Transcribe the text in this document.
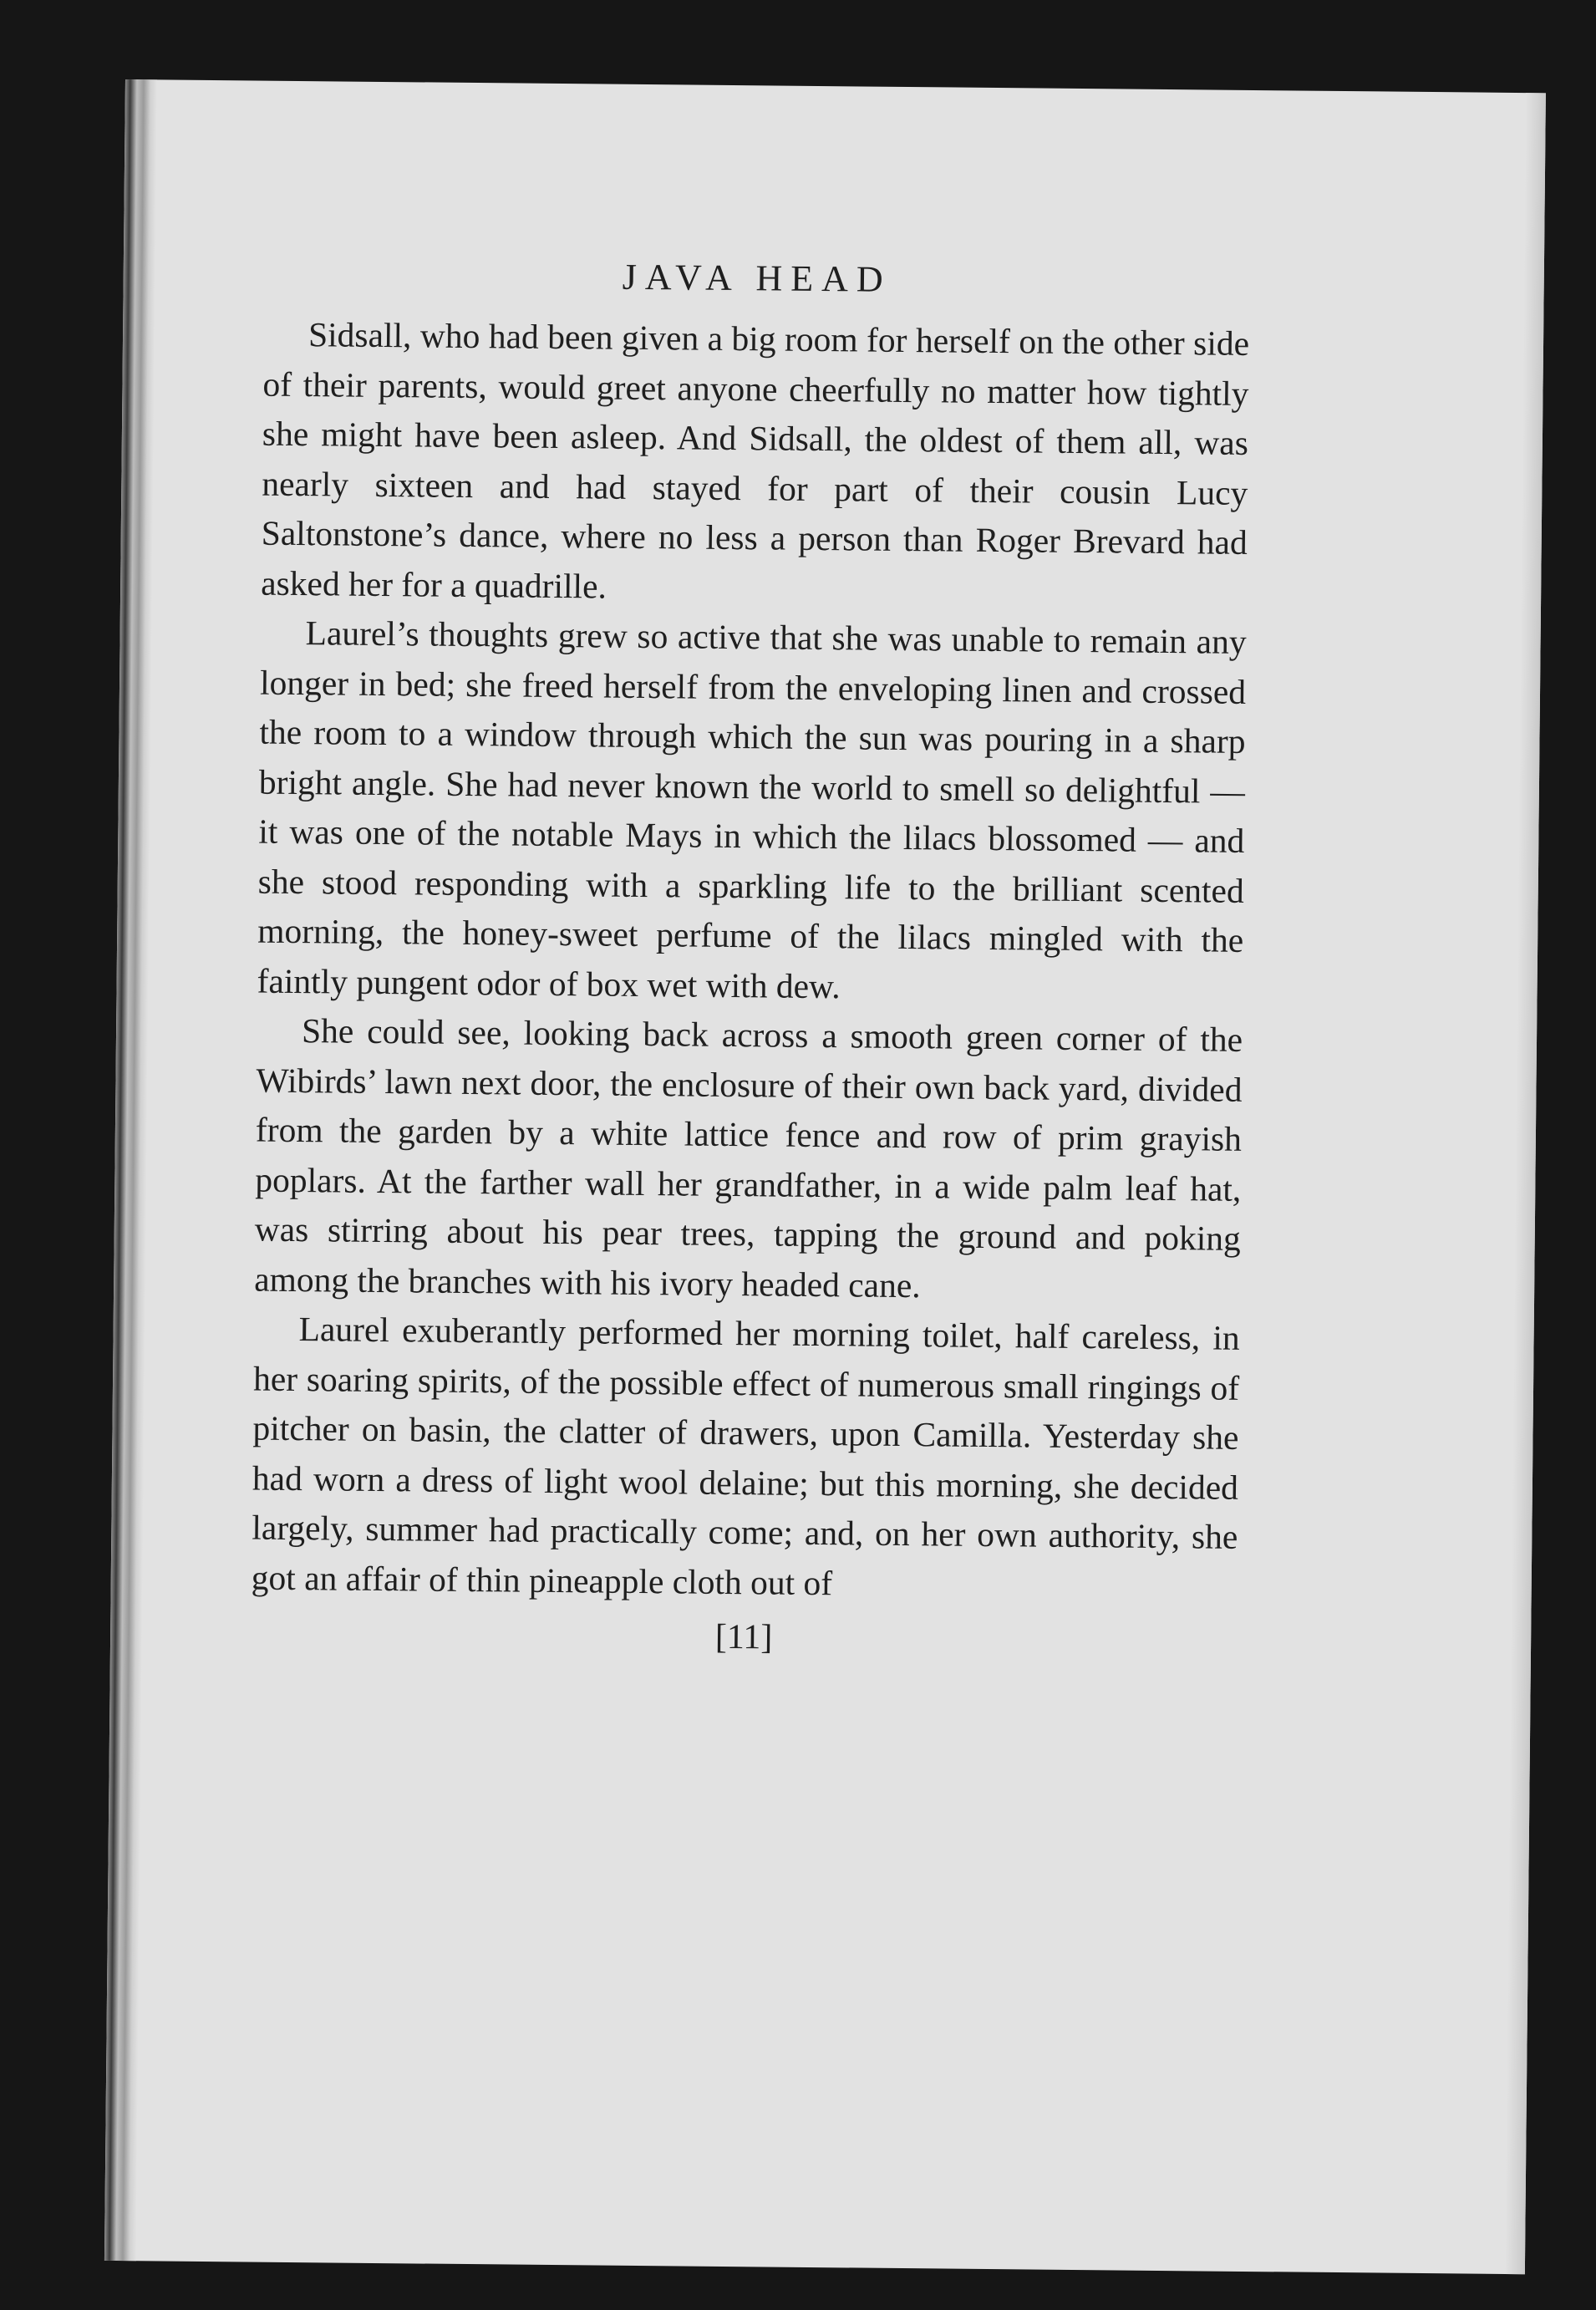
JAVA HEAD

Sidsall, who had been given a big room for herself on the other side of their parents, would greet anyone cheerfully no matter how tightly she might have been asleep. And Sidsall, the oldest of them all, was nearly sixteen and had stayed for part of their cousin Lucy Saltonstone’s dance, where no less a person than Roger Brevard had asked her for a quadrille.

Laurel’s thoughts grew so active that she was unable to remain any longer in bed; she freed herself from the enveloping linen and crossed the room to a window through which the sun was pouring in a sharp bright angle. She had never known the world to smell so delightful — it was one of the notable Mays in which the lilacs blossomed — and she stood responding with a sparkling life to the brilliant scented morning, the honey-sweet perfume of the lilacs mingled with the faintly pungent odor of box wet with dew.

She could see, looking back across a smooth green corner of the Wibirds’ lawn next door, the enclosure of their own back yard, divided from the garden by a white lattice fence and row of prim grayish poplars. At the farther wall her grandfather, in a wide palm leaf hat, was stirring about his pear trees, tapping the ground and poking among the branches with his ivory headed cane.

Laurel exuberantly performed her morning toilet, half careless, in her soaring spirits, of the possible effect of numerous small ringings of pitcher on basin, the clatter of drawers, upon Camilla. Yesterday she had worn a dress of light wool delaine; but this morning, she decided largely, summer had practically come; and, on her own authority, she got an affair of thin pineapple cloth out of

[11]
